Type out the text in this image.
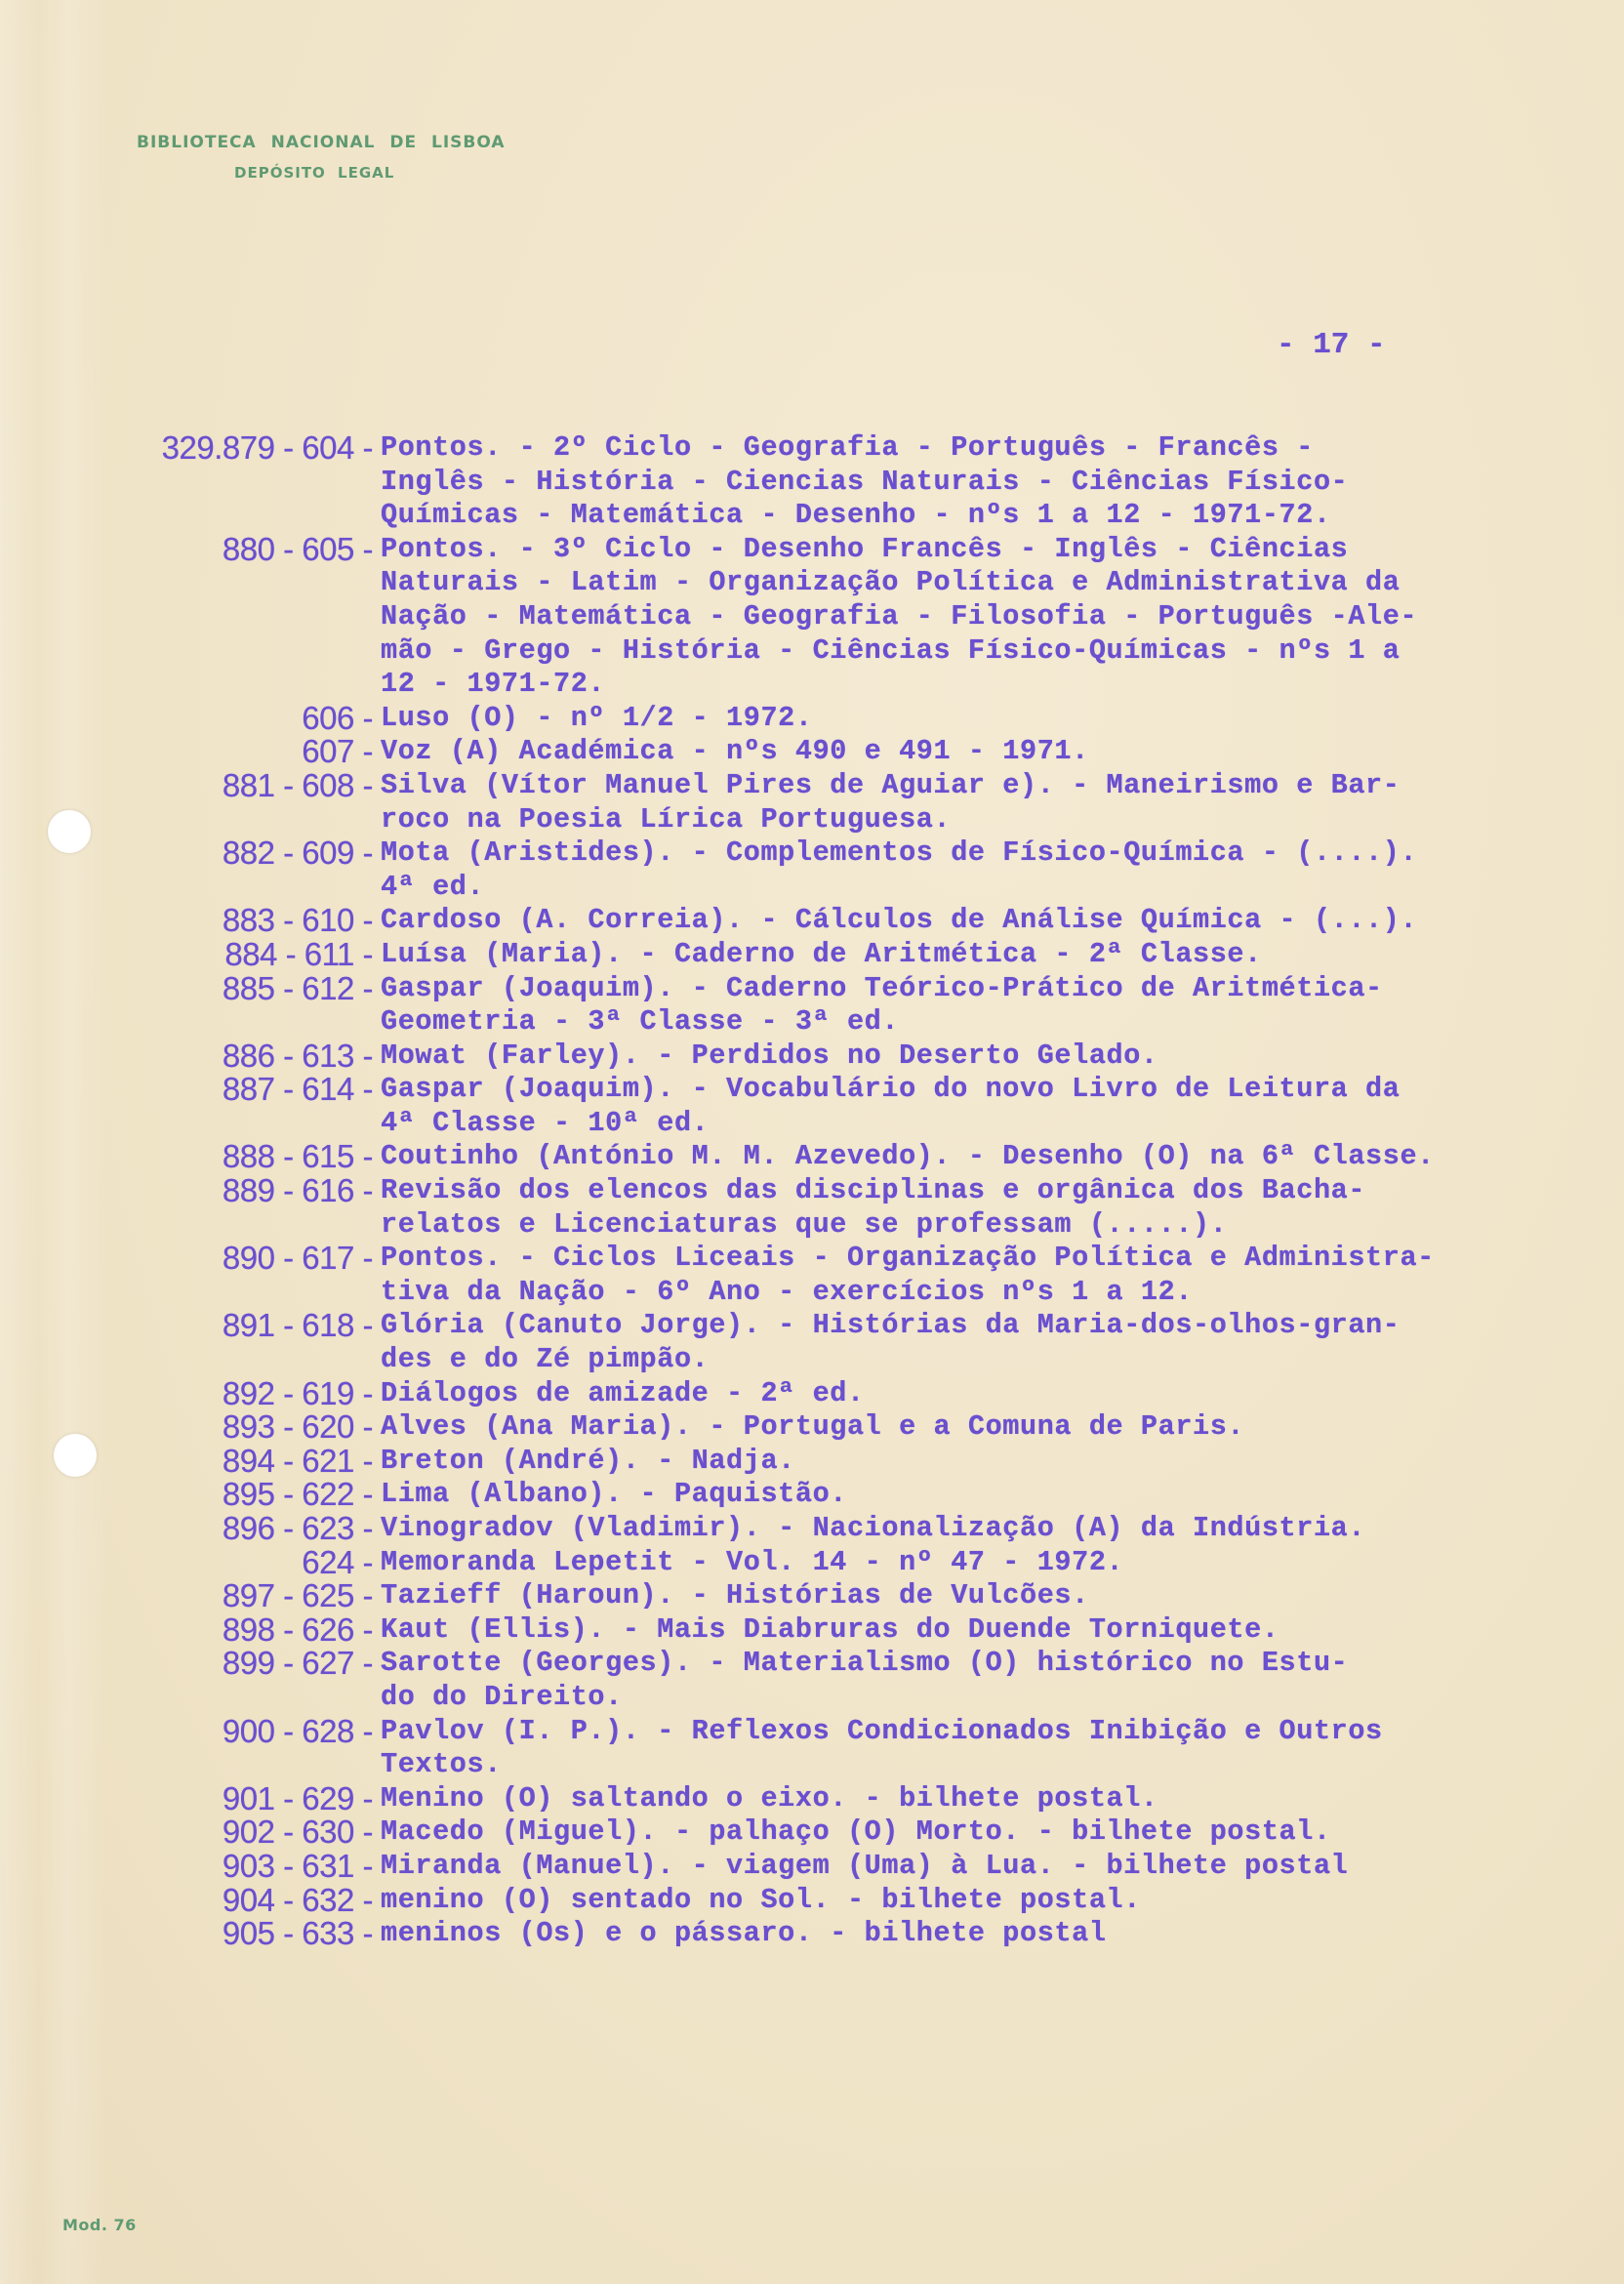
BIBLIOTECA NACIONAL DE LISBOA
DEPÓSITO LEGAL
- 17 -
329.879 - 604 - Pontos. - 2º Ciclo - Geografia - Português - Francês -
Inglês - História - Ciencias Naturais - Ciências Físico-
Químicas - Matemática - Desenho - nºs 1 a 12 - 1971-72.
880 - 605 - Pontos. - 3º Ciclo - Desenho Francês - Inglês - Ciências
Naturais - Latim - Organização Política e Administrativa da
Nação - Matemática - Geografia - Filosofia - Português -Ale-
mão - Grego - História - Ciências Físico-Químicas - nºs 1 a
12 - 1971-72.
606 - Luso (O) - nº 1/2 - 1972.
607 - Voz (A) Académica - nºs 490 e 491 - 1971.
881 - 608 - Silva (Vítor Manuel Pires de Aguiar e). - Maneirismo e Bar-
roco na Poesia Lírica Portuguesa.
882 - 609 - Mota (Aristides). - Complementos de Físico-Química - (....).
4ª ed.
883 - 610 - Cardoso (A. Correia). - Cálculos de Análise Química - (...).
884 - 611 - Luísa (Maria). - Caderno de Aritmética - 2ª Classe.
885 - 612 - Gaspar (Joaquim). - Caderno Teórico-Prático de Aritmética-
Geometria - 3ª Classe - 3ª ed.
886 - 613 - Mowat (Farley). - Perdidos no Deserto Gelado.
887 - 614 - Gaspar (Joaquim). - Vocabulário do novo Livro de Leitura da
4ª Classe - 10ª ed.
888 - 615 - Coutinho (António M. M. Azevedo). - Desenho (O) na 6ª Classe.
889 - 616 - Revisão dos elencos das disciplinas e orgânica dos Bacha-
relatos e Licenciaturas que se professam (.....).
890 - 617 - Pontos. - Ciclos Liceais - Organização Política e Administra-
tiva da Nação - 6º Ano - exercícios nºs 1 a 12.
891 - 618 - Glória (Canuto Jorge). - Histórias da Maria-dos-olhos-gran-
des e do Zé pimpão.
892 - 619 - Diálogos de amizade - 2ª ed.
893 - 620 - Alves (Ana Maria). - Portugal e a Comuna de Paris.
894 - 621 - Breton (André). - Nadja.
895 - 622 - Lima (Albano). - Paquistão.
896 - 623 - Vinogradov (Vladimir). - Nacionalização (A) da Indústria.
624 - Memoranda Lepetit - Vol. 14 - nº 47 - 1972.
897 - 625 - Tazieff (Haroun). - Histórias de Vulcões.
898 - 626 - Kaut (Ellis). - Mais Diabruras do Duende Torniquete.
899 - 627 - Sarotte (Georges). - Materialismo (O) histórico no Estu-
do do Direito.
900 - 628 - Pavlov (I. P.). - Reflexos Condicionados Inibição e Outros
Textos.
901 - 629 - Menino (O) saltando o eixo. - bilhete postal.
902 - 630 - Macedo (Miguel). - palhaço (O) Morto. - bilhete postal.
903 - 631 - Miranda (Manuel). - viagem (Uma) à Lua. - bilhete postal
904 - 632 - menino (O) sentado no Sol. - bilhete postal.
905 - 633 - meninos (Os) e o pássaro. - bilhete postal
Mod. 76
